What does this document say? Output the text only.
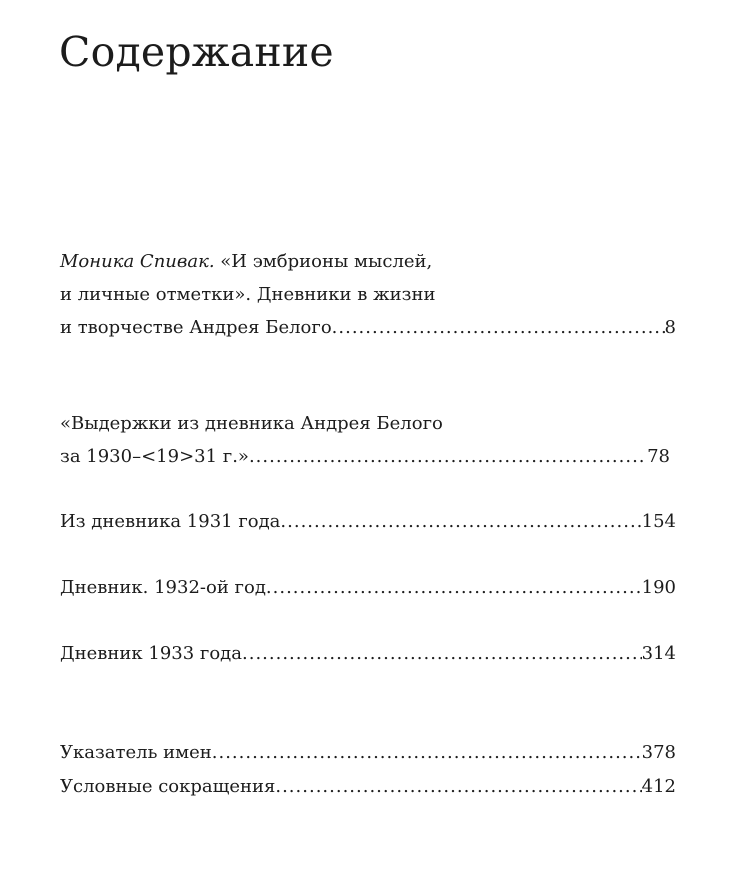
Содержание
Моника Спивак. «И эмбрионы мыслей,
и личные отметки». Дневники в жизни
и творчестве Андрея Белого .....	8
«Выдержки из дневника Андрея Белого
за 1930–<19>31 г.» .....	78
Из дневника 1931 года .....	154
Дневник. 1932-ой год .....	190
Дневник 1933 года .....	314
Указатель имен .....	378
Условные сокращения .....	412
